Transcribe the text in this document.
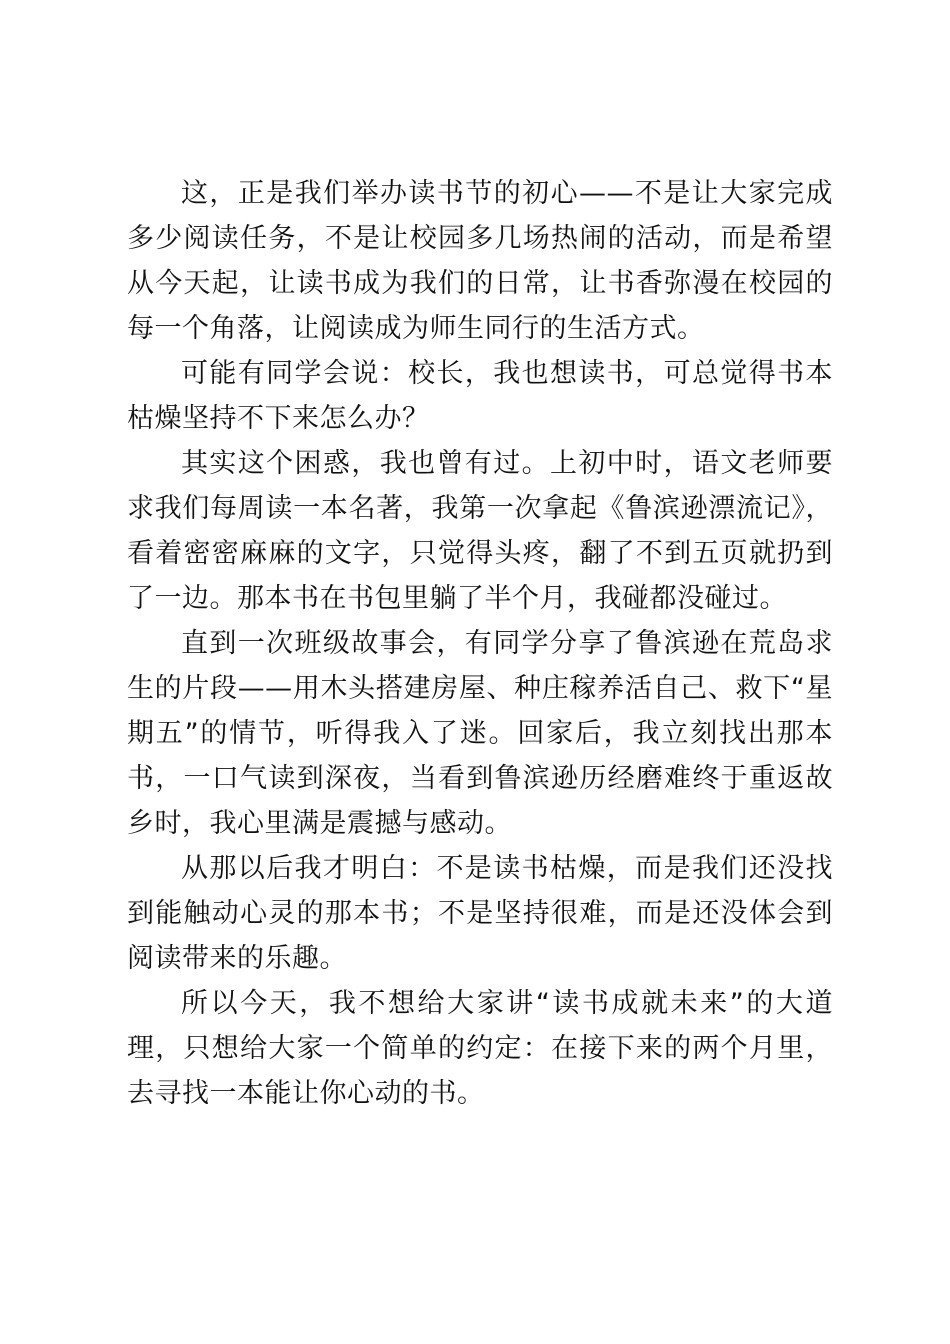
这，正是我们举办读书节的初心——不是让大家完成多少阅读任务，不是让校园多几场热闹的活动，而是希望从今天起，让读书成为我们的日常，让书香弥漫在校园的每一个角落，让阅读成为师生同行的生活方式。

可能有同学会说：校长，我也想读书，可总觉得书本枯燥坚持不下来怎么办？

其实这个困惑，我也曾有过。上初中时，语文老师要求我们每周读一本名著，我第一次拿起《鲁滨逊漂流记》，看着密密麻麻的文字，只觉得头疼，翻了不到五页就扔到了一边。那本书在书包里躺了半个月，我碰都没碰过。

直到一次班级故事会，有同学分享了鲁滨逊在荒岛求生的片段——用木头搭建房屋、种庄稼养活自己、救下“星期五”的情节，听得我入了迷。回家后，我立刻找出那本书，一口气读到深夜，当看到鲁滨逊历经磨难终于重返故乡时，我心里满是震撼与感动。

从那以后我才明白：不是读书枯燥，而是我们还没找到能触动心灵的那本书；不是坚持很难，而是还没体会到阅读带来的乐趣。

所以今天，我不想给大家讲“读书成就未来”的大道理，只想给大家一个简单的约定：在接下来的两个月里，去寻找一本能让你心动的书。
